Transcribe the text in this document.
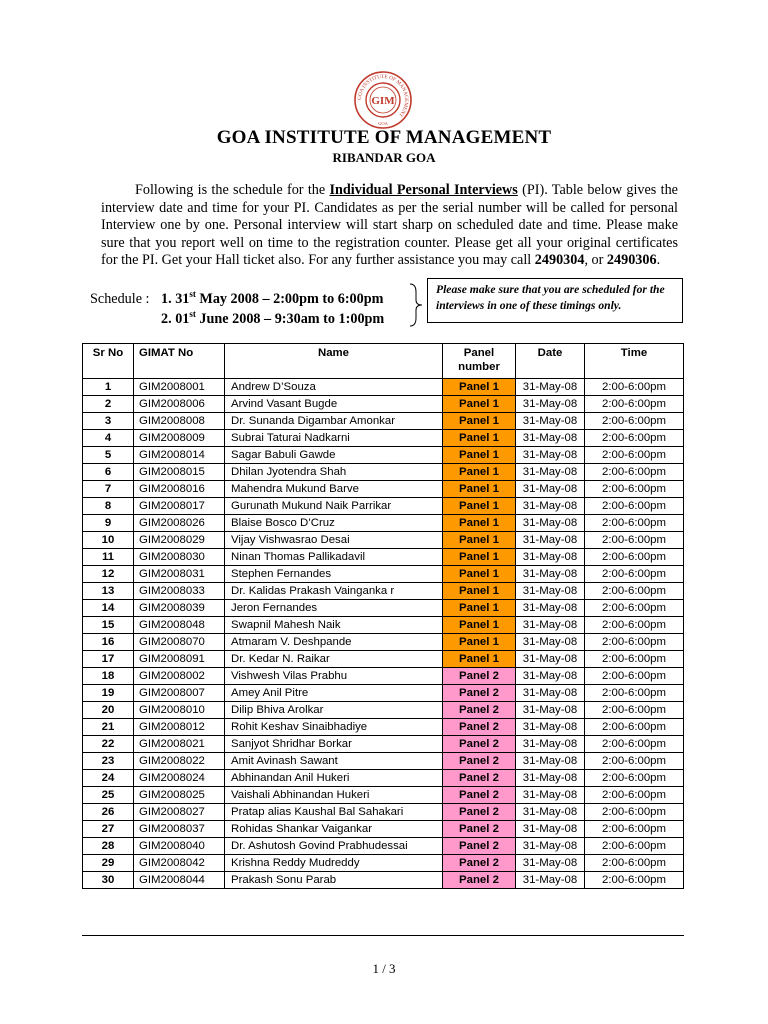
GOA INSTITUTE OF MANAGEMENT
GIM
GOA
GOA INSTITUTE OF MANAGEMENT
RIBANDAR GOA
Following is the schedule for the Individual Personal Interviews (PI). Table below gives the interview date and time for your PI. Candidates as per the serial number will be called for personal Interview one by one. Personal interview will start sharp on scheduled date and time. Please make sure that you report well on time to the registration counter. Please get all your original certificates for the PI. Get your Hall ticket also. For any further assistance you may call 2490304, or 2490306.
Schedule : 1. 31st May 2008 – 2:00pm to 6:00pm
2. 01st June 2008 – 9:30am to 1:00pm
Please make sure that you are scheduled for the interviews in one of these timings only.
Sr No	GIMAT No	Name	Panel number	Date	Time
1	GIM2008001	Andrew D’Souza	Panel 1	31-May-08	2:00-6:00pm
2	GIM2008006	Arvind Vasant Bugde	Panel 1	31-May-08	2:00-6:00pm
3	GIM2008008	Dr. Sunanda Digambar Amonkar	Panel 1	31-May-08	2:00-6:00pm
4	GIM2008009	Subrai Taturai Nadkarni	Panel 1	31-May-08	2:00-6:00pm
5	GIM2008014	Sagar Babuli Gawde	Panel 1	31-May-08	2:00-6:00pm
6	GIM2008015	Dhilan Jyotendra Shah	Panel 1	31-May-08	2:00-6:00pm
7	GIM2008016	Mahendra Mukund Barve	Panel 1	31-May-08	2:00-6:00pm
8	GIM2008017	Gurunath Mukund Naik Parrikar	Panel 1	31-May-08	2:00-6:00pm
9	GIM2008026	Blaise Bosco D’Cruz	Panel 1	31-May-08	2:00-6:00pm
10	GIM2008029	Vijay Vishwasrao Desai	Panel 1	31-May-08	2:00-6:00pm
11	GIM2008030	Ninan Thomas Pallikadavil	Panel 1	31-May-08	2:00-6:00pm
12	GIM2008031	Stephen Fernandes	Panel 1	31-May-08	2:00-6:00pm
13	GIM2008033	Dr. Kalidas Prakash Vainganka r	Panel 1	31-May-08	2:00-6:00pm
14	GIM2008039	Jeron Fernandes	Panel 1	31-May-08	2:00-6:00pm
15	GIM2008048	Swapnil Mahesh Naik	Panel 1	31-May-08	2:00-6:00pm
16	GIM2008070	Atmaram V. Deshpande	Panel 1	31-May-08	2:00-6:00pm
17	GIM2008091	Dr. Kedar N. Raikar	Panel 1	31-May-08	2:00-6:00pm
18	GIM2008002	Vishwesh Vilas Prabhu	Panel 2	31-May-08	2:00-6:00pm
19	GIM2008007	Amey Anil Pitre	Panel 2	31-May-08	2:00-6:00pm
20	GIM2008010	Dilip Bhiva Arolkar	Panel 2	31-May-08	2:00-6:00pm
21	GIM2008012	Rohit Keshav Sinaibhadiye	Panel 2	31-May-08	2:00-6:00pm
22	GIM2008021	Sanjyot Shridhar Borkar	Panel 2	31-May-08	2:00-6:00pm
23	GIM2008022	Amit Avinash Sawant	Panel 2	31-May-08	2:00-6:00pm
24	GIM2008024	Abhinandan Anil Hukeri	Panel 2	31-May-08	2:00-6:00pm
25	GIM2008025	Vaishali Abhinandan Hukeri	Panel 2	31-May-08	2:00-6:00pm
26	GIM2008027	Pratap alias Kaushal Bal Sahakari	Panel 2	31-May-08	2:00-6:00pm
27	GIM2008037	Rohidas Shankar Vaigankar	Panel 2	31-May-08	2:00-6:00pm
28	GIM2008040	Dr. Ashutosh Govind Prabhudessai	Panel 2	31-May-08	2:00-6:00pm
29	GIM2008042	Krishna Reddy Mudreddy	Panel 2	31-May-08	2:00-6:00pm
30	GIM2008044	Prakash Sonu Parab	Panel 2	31-May-08	2:00-6:00pm
1 / 3
